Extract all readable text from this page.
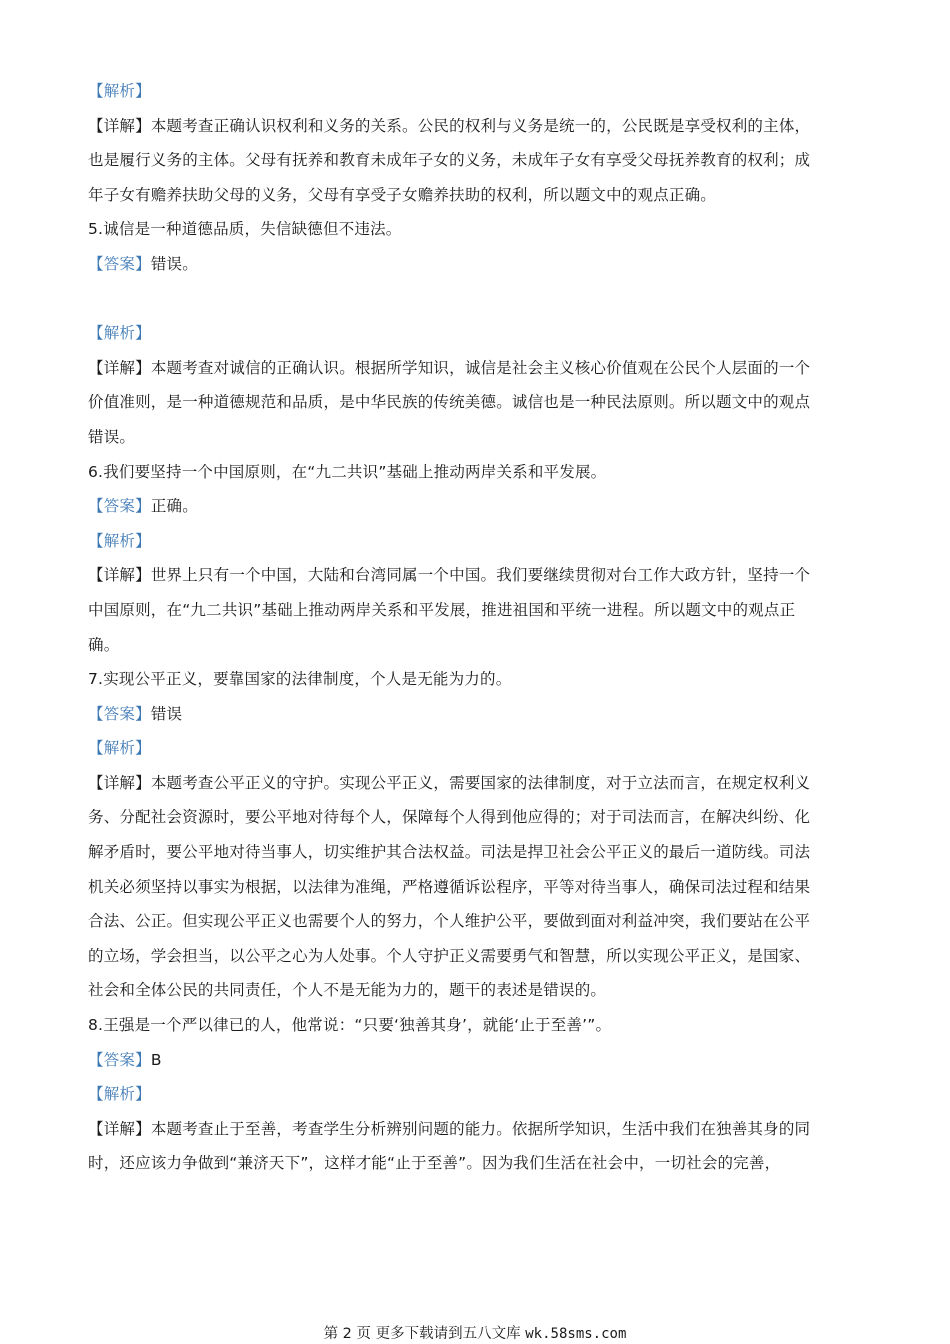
【解析】
【详解】本题考查正确认识权利和义务的关系。公民的权利与义务是统一的，公民既是享受权利的主体，
也是履行义务的主体。父母有抚养和教育未成年子女的义务，未成年子女有享受父母抚养教育的权利；成
年子女有赡养扶助父母的义务，父母有享受子女赡养扶助的权利，所以题文中的观点正确。
5.诚信是一种道德品质，失信缺德但不违法。
【答案】错误。
【解析】
【详解】本题考查对诚信的正确认识。根据所学知识，诚信是社会主义核心价值观在公民个人层面的一个
价值准则，是一种道德规范和品质，是中华民族的传统美德。诚信也是一种民法原则。所以题文中的观点
错误。
6.我们要坚持一个中国原则，在“九二共识”基础上推动两岸关系和平发展。
【答案】正确。
【解析】
【详解】世界上只有一个中国，大陆和台湾同属一个中国。我们要继续贯彻对台工作大政方针，坚持一个
中国原则，在“九二共识”基础上推动两岸关系和平发展，推进祖国和平统一进程。所以题文中的观点正
确。
7.实现公平正义，要靠国家的法律制度，个人是无能为力的。
【答案】错误
【解析】
【详解】本题考查公平正义的守护。实现公平正义，需要国家的法律制度，对于立法而言，在规定权利义
务、分配社会资源时，要公平地对待每个人，保障每个人得到他应得的；对于司法而言，在解决纠纷、化
解矛盾时，要公平地对待当事人，切实维护其合法权益。司法是捍卫社会公平正义的最后一道防线。司法
机关必须坚持以事实为根据，以法律为准绳，严格遵循诉讼程序，平等对待当事人，确保司法过程和结果
合法、公正。但实现公平正义也需要个人的努力，个人维护公平，要做到面对利益冲突，我们要站在公平
的立场，学会担当，以公平之心为人处事。个人守护正义需要勇气和智慧，所以实现公平正义，是国家、
社会和全体公民的共同责任，个人不是无能为力的，题干的表述是错误的。
8.王强是一个严以律已的人，他常说：“只要‘独善其身’，就能‘止于至善’”。
【答案】B
【解析】
【详解】本题考查止于至善，考查学生分析辨别问题的能力。依据所学知识，生活中我们在独善其身的同
时，还应该力争做到“兼济天下”，这样才能“止于至善”。因为我们生活在社会中，一切社会的完善，
第 2 页 更多下载请到五八文库 wk.58sms.com
